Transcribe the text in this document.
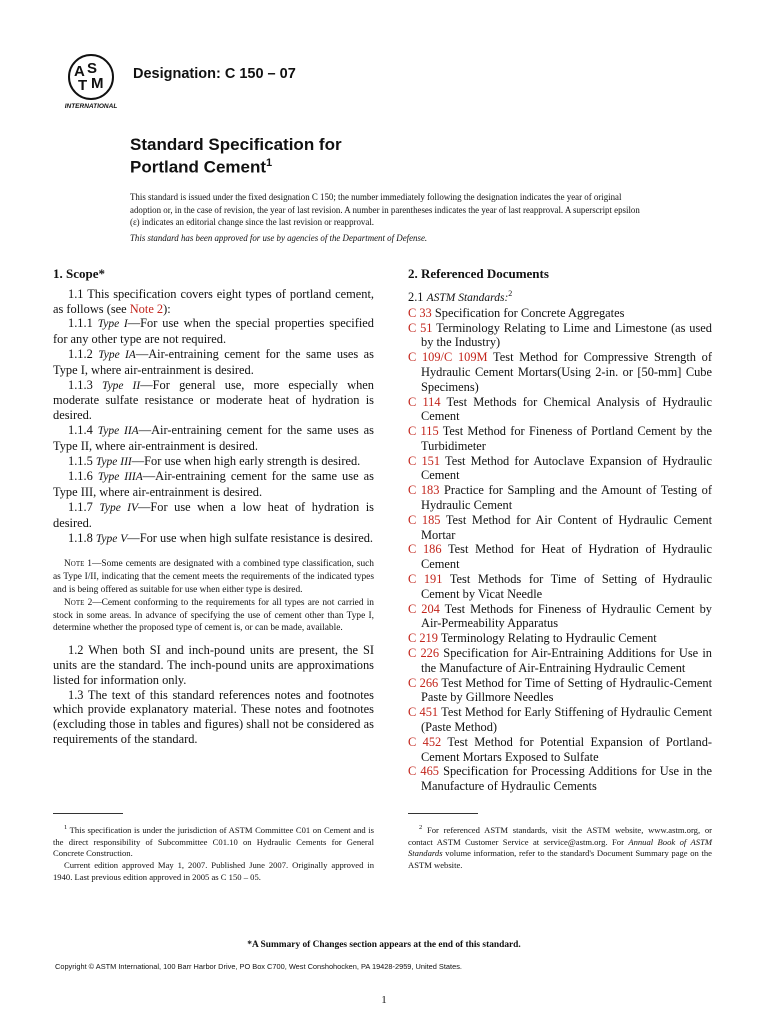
A S
T M
INTERNATIONAL
Designation: C 150 – 07
Standard Specification for
Portland Cement$^1$

This standard is issued under the fixed designation C 150; the number immediately following the designation indicates the year of original adoption or, in the case of revision, the year of last revision. A number in parentheses indicates the year of last reapproval. A superscript epsilon (ε) indicates an editorial change since the last revision or reapproval.

This standard has been approved for use by agencies of the Department of Defense.

1. Scope*

1.1 This specification covers eight types of portland cement, as follows (see Note 2):

1.1.1 Type I—For use when the special properties specified for any other type are not required.

1.1.2 Type IA—Air-entraining cement for the same uses as Type I, where air-entrainment is desired.

1.1.3 Type II—For general use, more especially when moderate sulfate resistance or moderate heat of hydration is desired.

1.1.4 Type IIA—Air-entraining cement for the same uses as Type II, where air-entrainment is desired.

1.1.5 Type III—For use when high early strength is desired.

1.1.6 Type IIIA—Air-entraining cement for the same use as Type III, where air-entrainment is desired.

1.1.7 Type IV—For use when a low heat of hydration is desired.

1.1.8 Type V—For use when high sulfate resistance is desired.

Note 1—Some cements are designated with a combined type classification, such as Type I/II, indicating that the cement meets the requirements of the indicated types and is being offered as suitable for use when either type is desired.

Note 2—Cement conforming to the requirements for all types are not carried in stock in some areas. In advance of specifying the use of cement other than Type I, determine whether the proposed type of cement is, or can be made, available.

1.2 When both SI and inch-pound units are present, the SI units are the standard. The inch-pound units are approximations listed for information only.

1.3 The text of this standard references notes and footnotes which provide explanatory material. These notes and footnotes (excluding those in tables and figures) shall not be considered as requirements of the standard.

2. Referenced Documents

2.1 ASTM Standards:$^2$

C 33 Specification for Concrete Aggregates

C 51 Terminology Relating to Lime and Limestone (as used by the Industry)

C 109/C 109M Test Method for Compressive Strength of Hydraulic Cement Mortars(Using 2-in. or [50-mm] Cube Specimens)

C 114 Test Methods for Chemical Analysis of Hydraulic Cement

C 115 Test Method for Fineness of Portland Cement by the Turbidimeter

C 151 Test Method for Autoclave Expansion of Hydraulic Cement

C 183 Practice for Sampling and the Amount of Testing of Hydraulic Cement

C 185 Test Method for Air Content of Hydraulic Cement Mortar

C 186 Test Method for Heat of Hydration of Hydraulic Cement

C 191 Test Methods for Time of Setting of Hydraulic Cement by Vicat Needle

C 204 Test Methods for Fineness of Hydraulic Cement by Air-Permeability Apparatus

C 219 Terminology Relating to Hydraulic Cement

C 226 Specification for Air-Entraining Additions for Use in the Manufacture of Air-Entraining Hydraulic Cement

C 266 Test Method for Time of Setting of Hydraulic-Cement Paste by Gillmore Needles

C 451 Test Method for Early Stiffening of Hydraulic Cement (Paste Method)

C 452 Test Method for Potential Expansion of Portland-Cement Mortars Exposed to Sulfate

C 465 Specification for Processing Additions for Use in the Manufacture of Hydraulic Cements

$^1$ This specification is under the jurisdiction of ASTM Committee C01 on Cement and is the direct responsibility of Subcommittee C01.10 on Hydraulic Cements for General Concrete Construction.

Current edition approved May 1, 2007. Published June 2007. Originally approved in 1940. Last previous edition approved in 2005 as C 150 – 05.

$^2$ For referenced ASTM standards, visit the ASTM website, www.astm.org, or contact ASTM Customer Service at service@astm.org. For Annual Book of ASTM Standards volume information, refer to the standard's Document Summary page on the ASTM website.

*A Summary of Changes section appears at the end of this standard.

Copyright © ASTM International, 100 Barr Harbor Drive, PO Box C700, West Conshohocken, PA 19428-2959, United States.

1
